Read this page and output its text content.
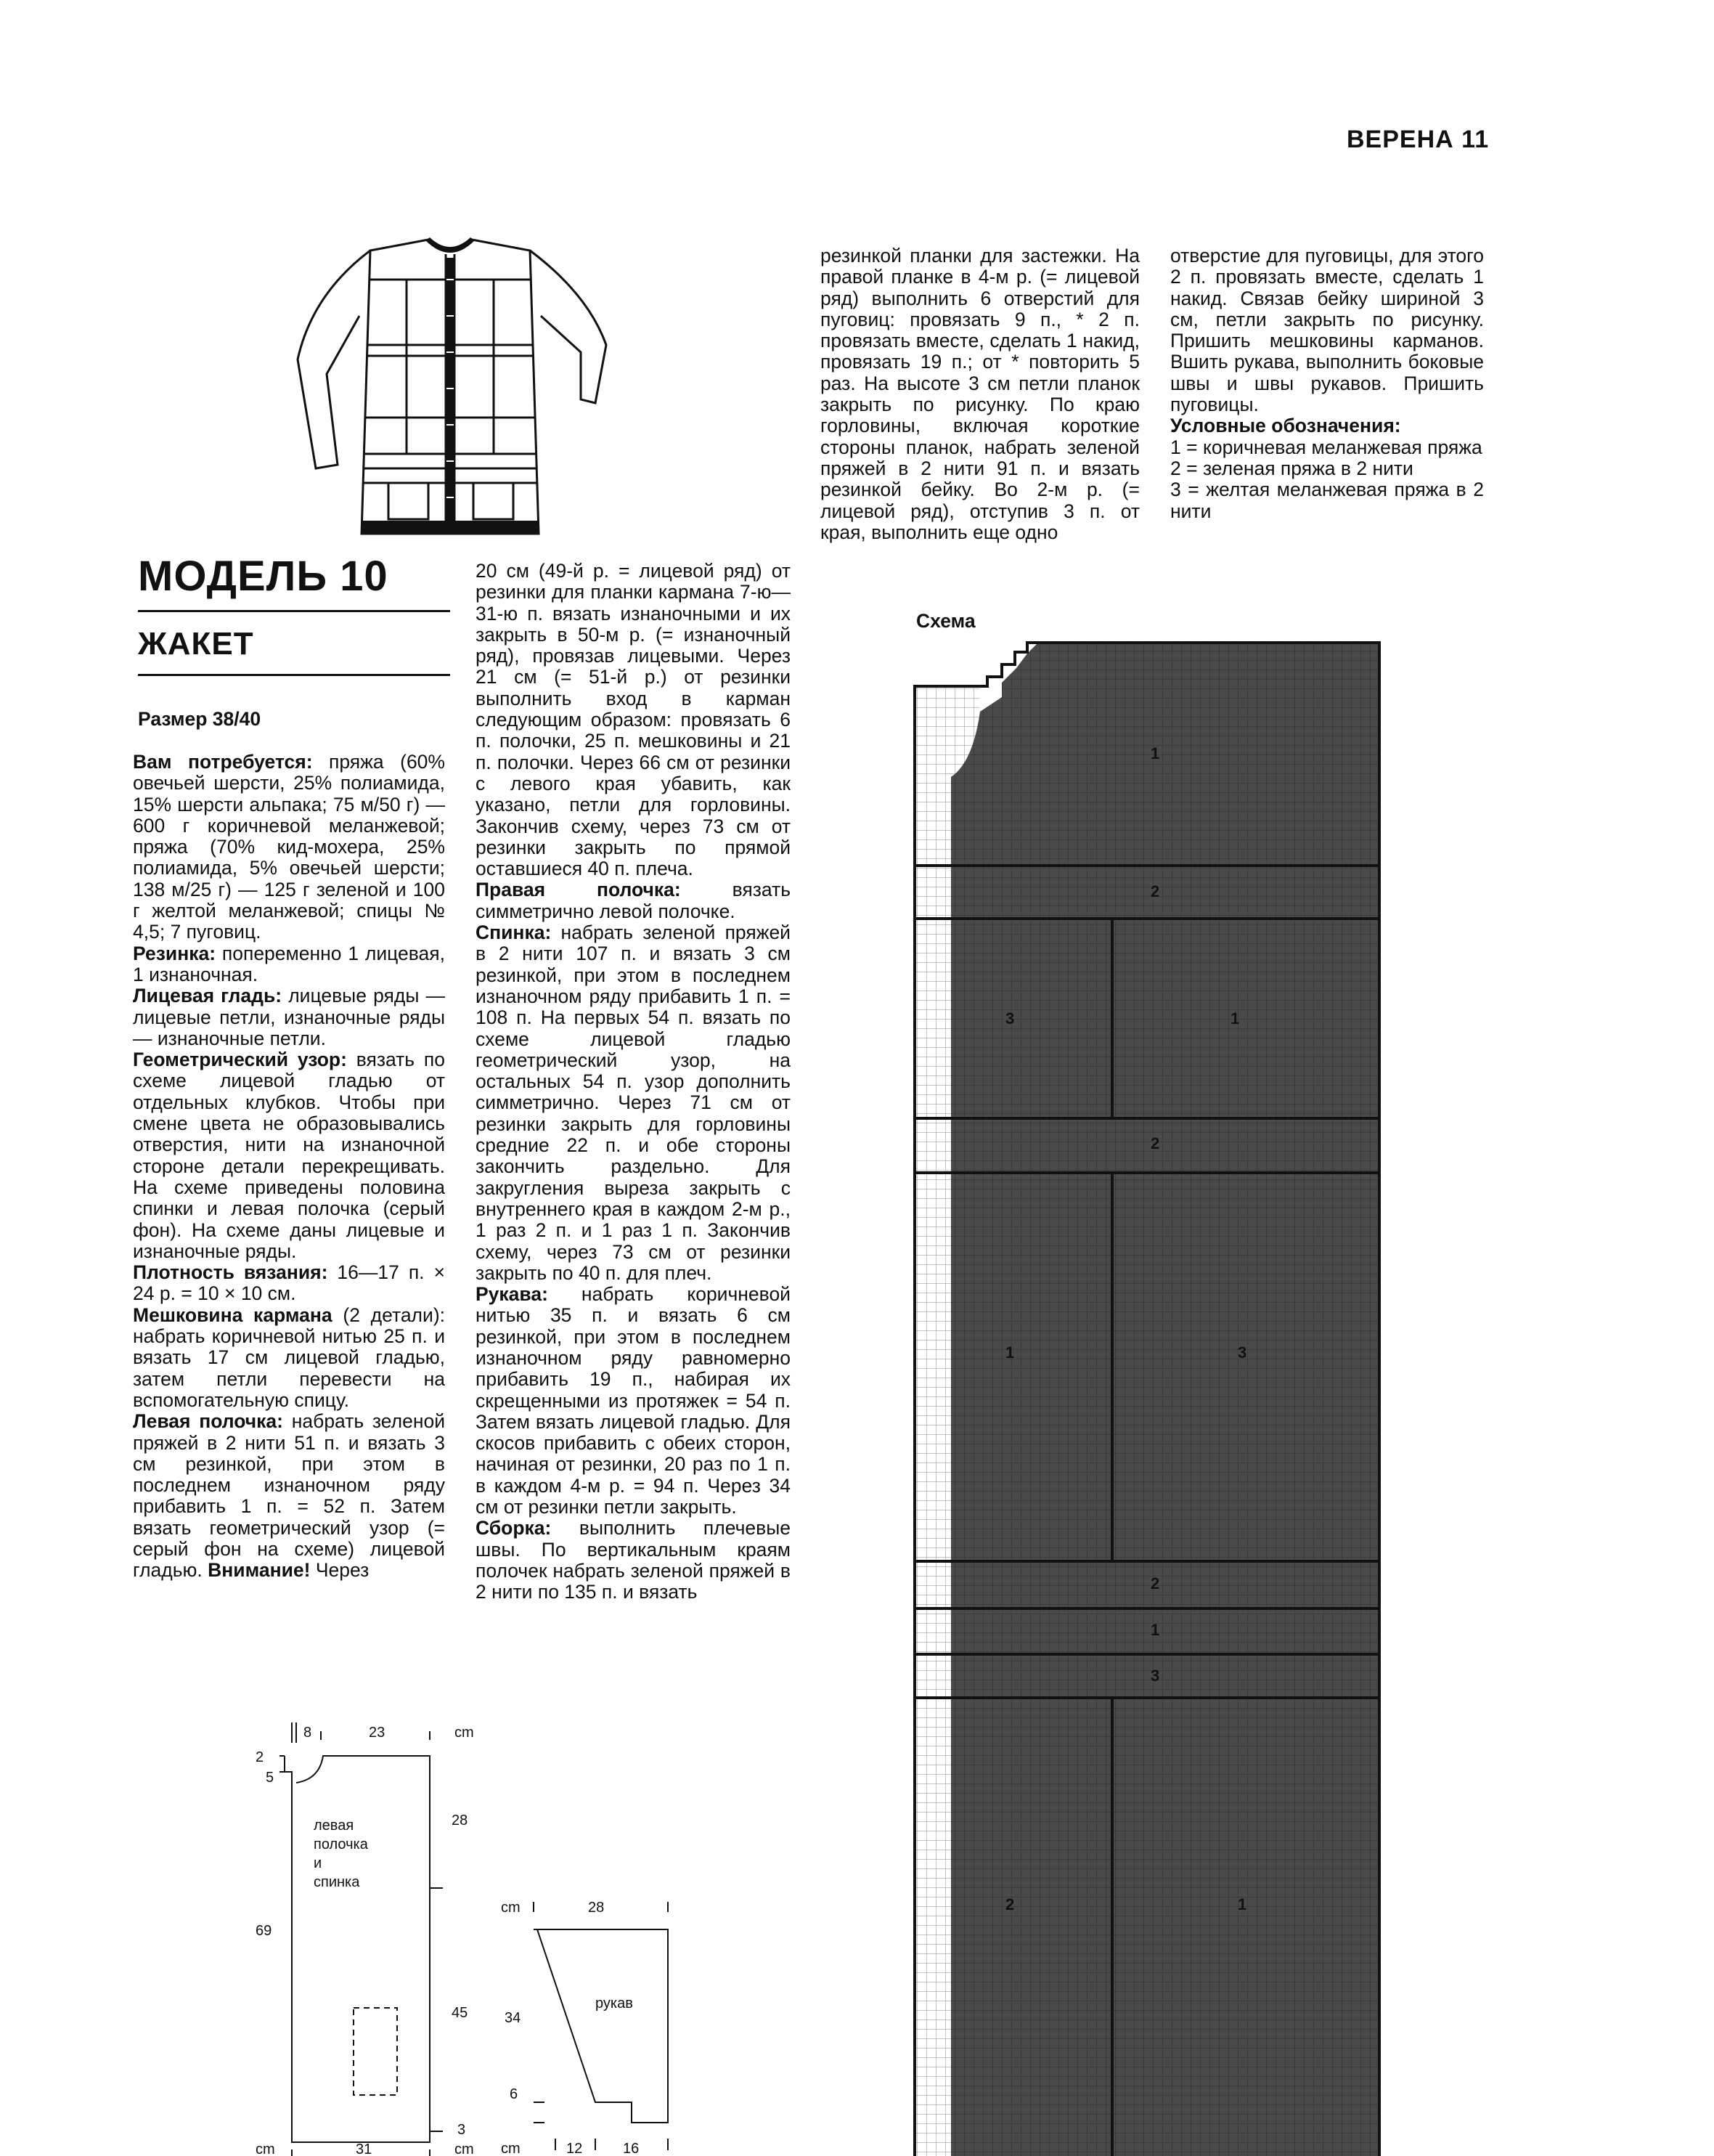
ВЕРЕНА 11
МОДЕЛЬ 10
ЖАКЕТ
Размер 38/40

Вам потребуется: пряжа (60% овечьей шерсти, 25% полиамида, 15% шерсти альпака; 75 м/50 г) — 600 г коричневой меланжевой; пряжа (70% кид-мохера, 25% полиамида, 5% овечьей шерсти; 138 м/25 г) — 125 г зеленой и 100 г желтой меланжевой; спицы № 4,5; 7 пуговиц.

Резинка: попеременно 1 лицевая, 1 изнаночная.

Лицевая гладь: лицевые ряды — лицевые петли, изнаночные ряды — изнаночные петли.

Геометрический узор: вязать по схеме лицевой гладью от отдельных клубков. Чтобы при смене цвета не образовывались отверстия, нити на изнаночной стороне детали перекрещивать. На схеме приведены половина спинки и левая полочка (серый фон). На схеме даны лицевые и изнаночные ряды.

Плотность вязания: 16—17 п. × 24 р. = 10 × 10 см.

Мешковина кармана (2 детали): набрать коричневой нитью 25 п. и вязать 17 см лицевой гладью, затем петли перевести на вспомогательную спицу.

Левая полочка: набрать зеленой пряжей в 2 нити 51 п. и вязать 3 см резинкой, при этом в последнем изнаночном ряду прибавить 1 п. = 52 п. Затем вязать геометрический узор (= серый фон на схеме) лицевой гладью. Внимание! Через

20 см (49-й р. = лицевой ряд) от резинки для планки кармана 7-ю—31-ю п. вязать изнаночными и их закрыть в 50-м р. (= изнаночный ряд), провязав лицевыми. Через 21 см (= 51-й р.) от резинки выполнить вход в карман следующим образом: провязать 6 п. полочки, 25 п. мешковины и 21 п. полочки. Через 66 см от резинки с левого края убавить, как указано, петли для горловины. Закончив схему, через 73 см от резинки закрыть по прямой оставшиеся 40 п. плеча.

Правая полочка: вязать симметрично левой полочке.

Спинка: набрать зеленой пряжей в 2 нити 107 п. и вязать 3 см резинкой, при этом в последнем изнаночном ряду прибавить 1 п. = 108 п. На первых 54 п. вязать по схеме лицевой гладью геометрический узор, на остальных 54 п. узор дополнить симметрично. Через 71 см от резинки закрыть для горловины средние 22 п. и обе стороны закончить раздельно. Для закругления выреза закрыть с внутреннего края в каждом 2-м р., 1 раз 2 п. и 1 раз 1 п. Закончив схему, через 73 см от резинки закрыть по 40 п. для плеч.

Рукава: набрать коричневой нитью 35 п. и вязать 6 см резинкой, при этом в последнем изнаночном ряду равномерно прибавить 19 п., набирая их скрещенными из протяжек = 54 п. Затем вязать лицевой гладью. Для скосов прибавить с обеих сторон, начиная от резинки, 20 раз по 1 п. в каждом 4-м р. = 94 п. Через 34 см от резинки петли закрыть.

Сборка: выполнить плечевые швы. По вертикальным краям полочек набрать зеленой пряжей в 2 нити по 135 п. и вязать

резинкой планки для застежки. На правой планке в 4-м р. (= лицевой ряд) выполнить 6 отверстий для пуговиц: провязать 9 п., * 2 п. провязать вместе, сделать 1 накид, провязать 19 п.; от * повторить 5 раз. На высоте 3 см петли планок закрыть по рисунку. По краю горловины, включая короткие стороны планок, набрать зеленой пряжей в 2 нити 91 п. и вязать резинкой бейку. Во 2-м р. (= лицевой ряд), отступив 3 п. от края, выполнить еще одно

отверстие для пуговицы, для этого 2 п. провязать вместе, сделать 1 накид. Связав бейку шириной 3 см, петли закрыть по рисунку. Пришить мешковины карманов. Вшить рукава, выполнить боковые швы и швы рукавов. Пришить пуговицы.

Условные обозначения:

1 = коричневая меланжевая пряжа

2 = зеленая пряжа в 2 нити

3 = желтая меланжевая пряжа в 2 нити

Схема
1
2
3	1
2
1	3
2
1
3
2	1
8	23	cm
2
5
69
28
45
3
31	cm
cm
левая
полочка
и
спинка
cm	28
34
6
рукав
cm	12	16
